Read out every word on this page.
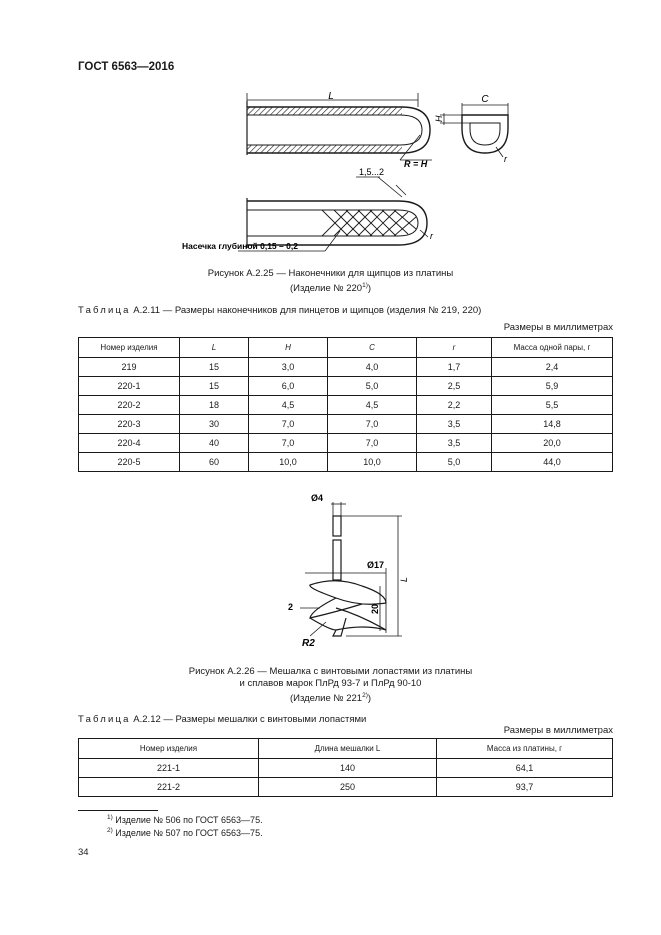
ГОСТ 6563—2016
L
R = H
C
H
r
1,5...2
Насечка глубиной 0,15 – 0,2
r
Рисунок А.2.25 — Наконечники для щипцов из платины
(Изделие № 220$^{1)}$)
Таблица А.2.11 — Размеры наконечников для пинцетов и щипцов (изделия № 219, 220)
Размеры в миллиметрах
Номер изделия	L	H	C	r	Масса одной пары, г
219	15	3,0	4,0	1,7	2,4
220-1	15	6,0	5,0	2,5	5,9
220-2	18	4,5	4,5	2,2	5,5
220-3	30	7,0	7,0	3,5	14,8
220-4	40	7,0	7,0	3,5	20,0
220-5	60	10,0	10,0	5,0	44,0
Ø4
Ø17
L
20
2
R2
Рисунок А.2.26 — Мешалка с винтовыми лопастями из платины
и сплавов марок ПлРд 93-7 и ПлРд 90-10
(Изделие № 221$^{2)}$)
Таблица А.2.12 — Размеры мешалки с винтовыми лопастями
Размеры в миллиметрах
Номер изделия	Длина мешалки L	Масса из платины, г
221-1	140	64,1
221-2	250	93,7
$^{1)}$ Изделие № 506 по ГОСТ 6563—75.
$^{2)}$ Изделие № 507 по ГОСТ 6563—75.
34
